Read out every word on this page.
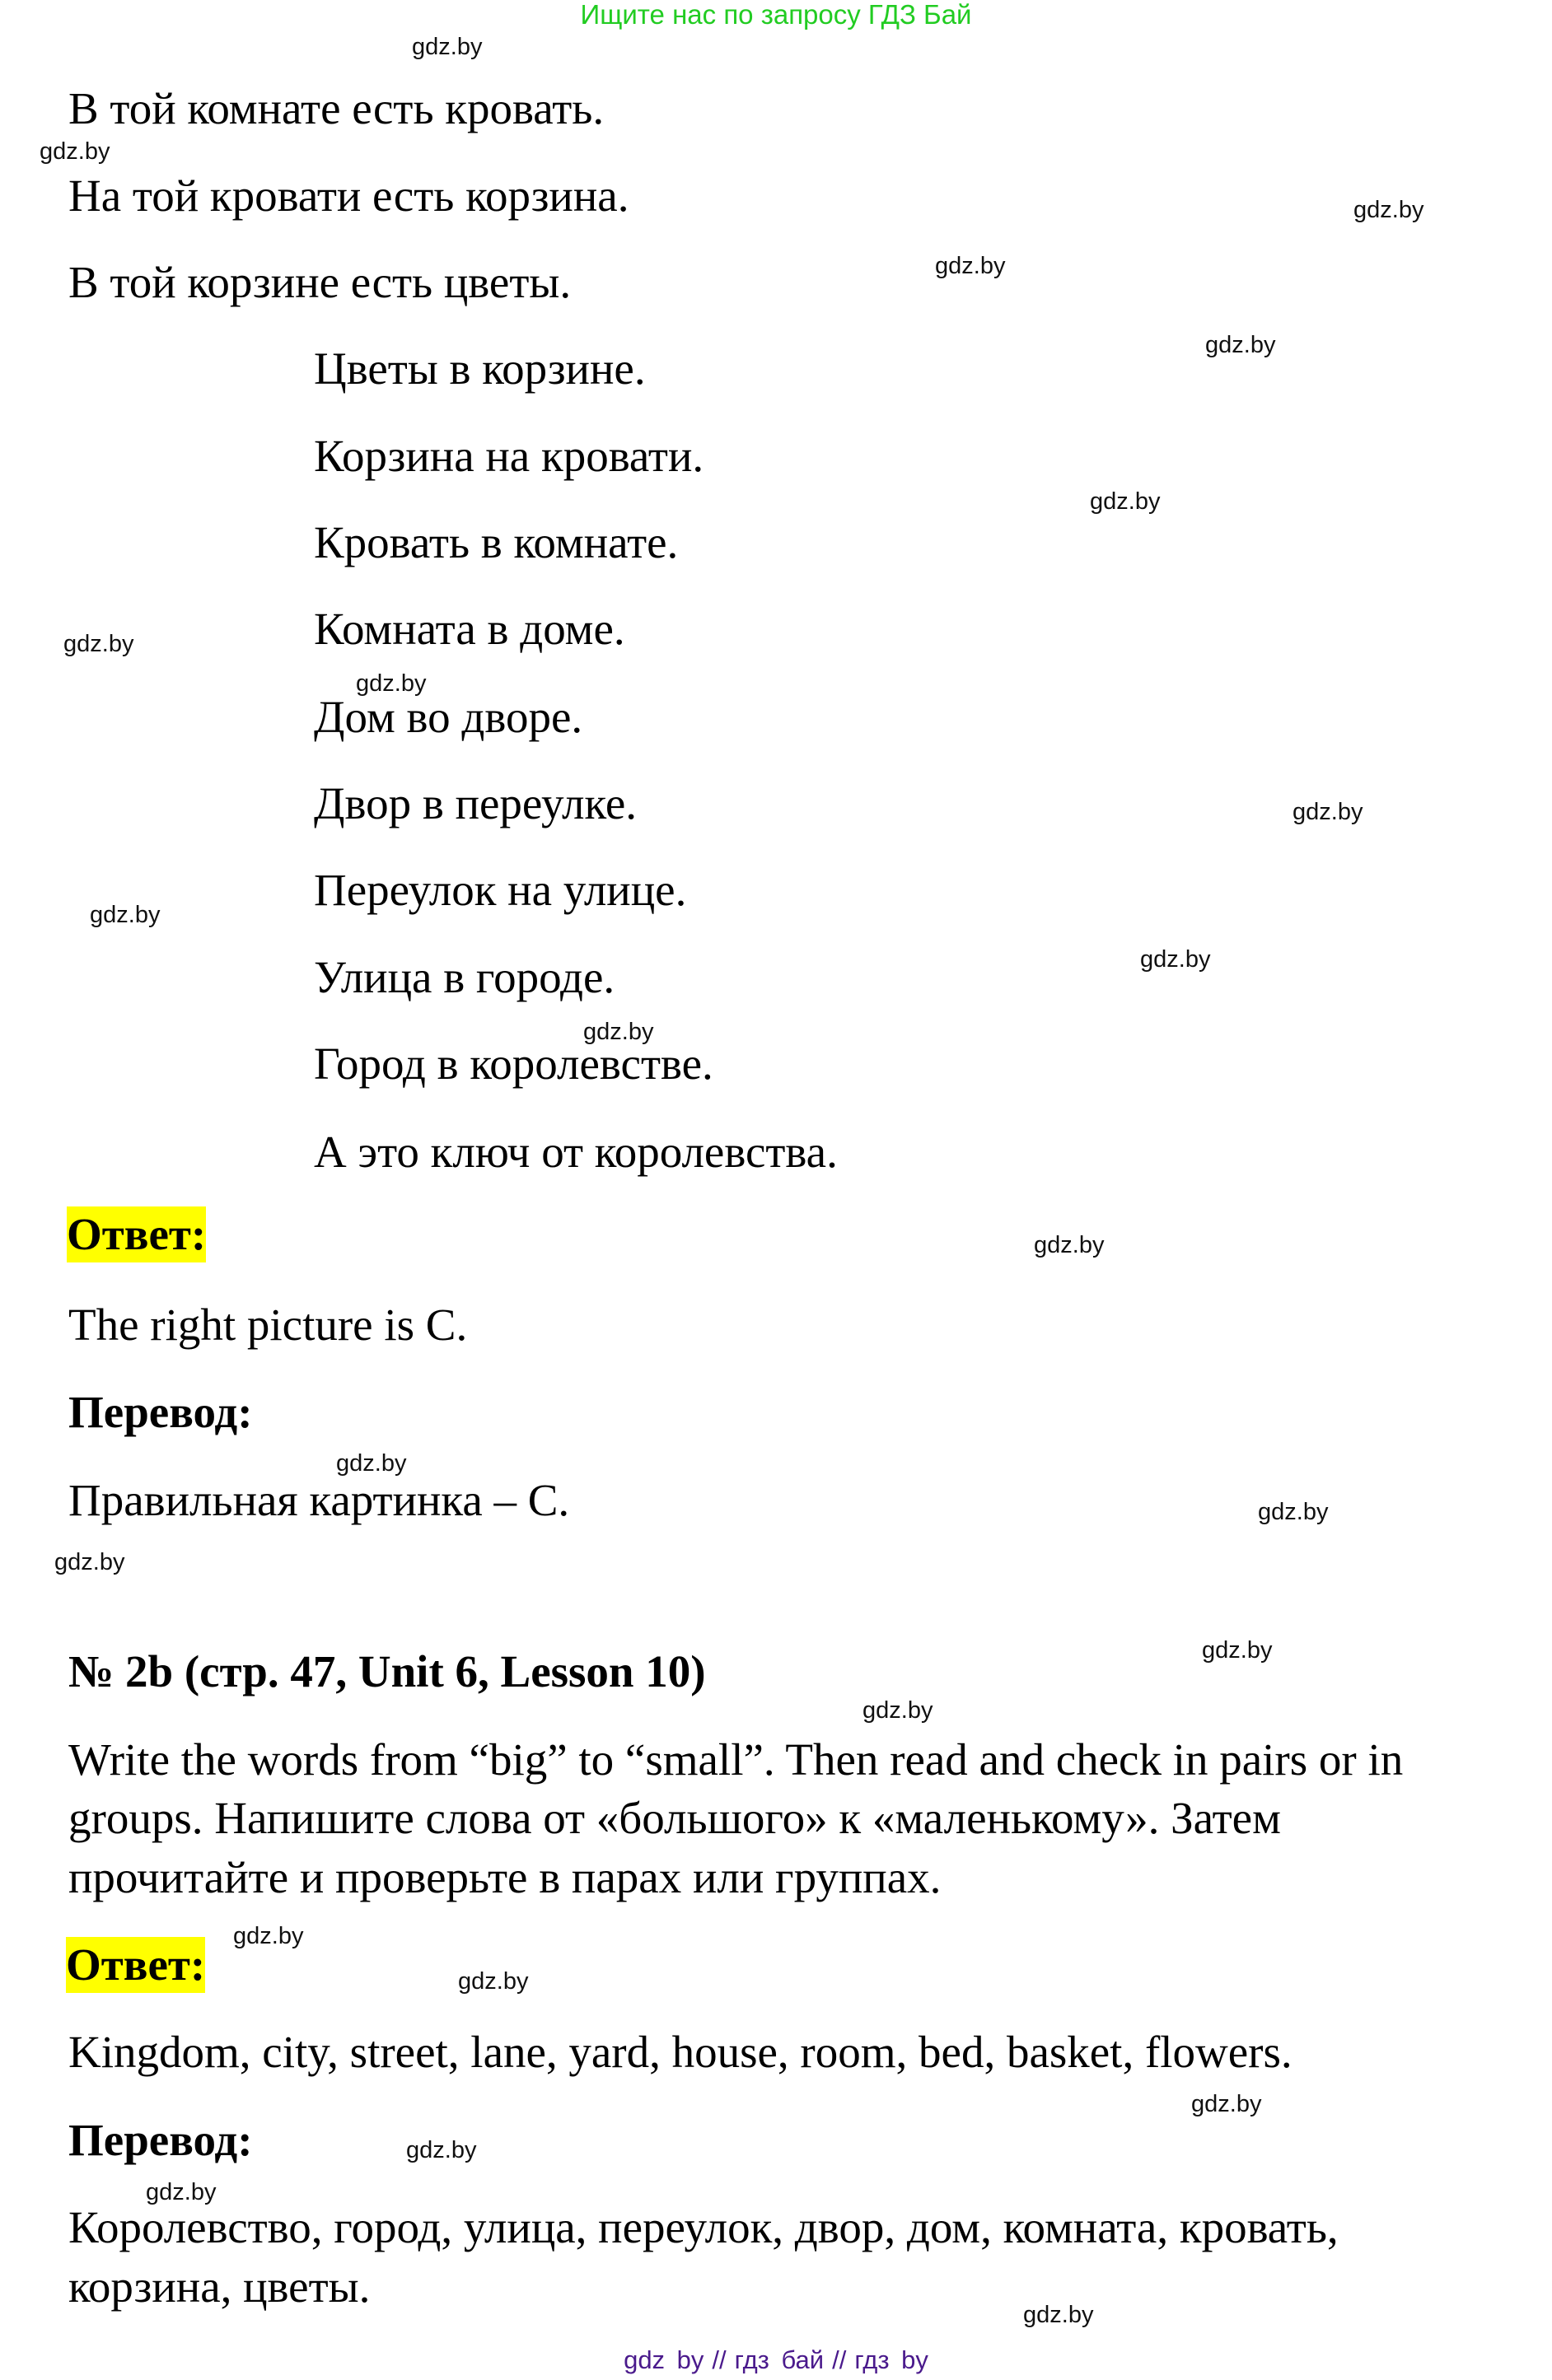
Ищите нас по запросу ГДЗ Бай
gdz.by
gdz.by
gdz.by
gdz.by
gdz.by
gdz.by
gdz.by
gdz.by
gdz.by
gdz.by
gdz.by
gdz.by
gdz.by
gdz.by
gdz.by
gdz.by
gdz.by
gdz.by
gdz.by
gdz.by
gdz.by
gdz.by
gdz.by
gdz.by
В той комнате есть кровать.
На той кровати есть корзина.
В той корзине есть цветы.
Цветы в корзине.
Корзина на кровати.
Кровать в комнате.
Комната в доме.
Дом во дворе.
Двор в переулке.
Переулок на улице.
Улица в городе.
Город в королевстве.
А это ключ от королевства.
Ответ:
The right picture is C.
Перевод:
Правильная картинка – С.
№ 2b (стр. 47, Unit 6, Lesson 10)
Write the words from “big” to “small”. Then read and check in pairs or in
groups. Напишите слова от «большого» к «маленькому». Затем
прочитайте и проверьте в парах или группах.
Ответ:
Kingdom, city, street, lane, yard, house, room, bed, basket, flowers.
Перевод:
Королевство, город, улица, переулок, двор, дом, комната, кровать,
корзина, цветы.
gdz by // гдз бай // гдз by
